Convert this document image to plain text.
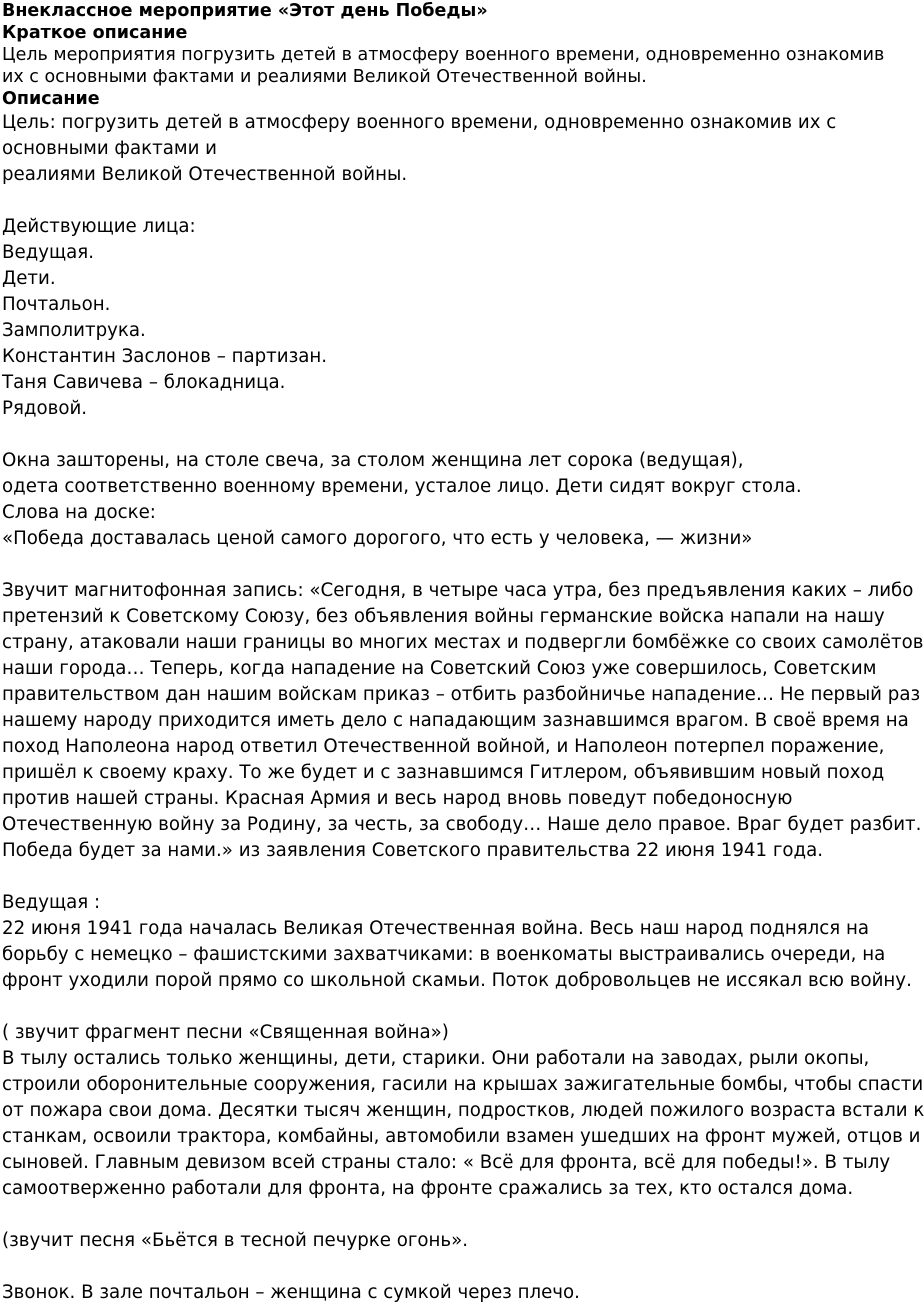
Внеклассное мероприятие «Этот день Победы»
Краткое описание
Цель мероприятия погрузить детей в атмосферу военного времени, одновременно ознакомив
их с основными фактами и реалиями Великой Отечественной войны.
Описание
Цель: погрузить детей в атмосферу военного времени, одновременно ознакомив их с
основными фактами и
реалиями Великой Отечественной войны.
Действующие лица:
Ведущая.
Дети.
Почтальон.
Замполитрука.
Константин Заслонов – партизан.
Таня Савичева – блокадница.
Рядовой.
Окна зашторены, на столе свеча, за столом женщина лет сорока (ведущая),
одета соответственно военному времени, усталое лицо. Дети сидят вокруг стола.
Слова на доске:
«Победа доставалась ценой самого дорогого, что есть у человека, — жизни»
Звучит магнитофонная запись: «Сегодня, в четыре часа утра, без предъявления каких – либо
претензий к Советскому Союзу, без объявления войны германские войска напали на нашу
страну, атаковали наши границы во многих местах и подвергли бомбёжке со своих самолётов
наши города… Теперь, когда нападение на Советский Союз уже совершилось, Советским
правительством дан нашим войскам приказ – отбить разбойничье нападение… Не первый раз
нашему народу приходится иметь дело с нападающим зазнавшимся врагом. В своё время на
поход Наполеона народ ответил Отечественной войной, и Наполеон потерпел поражение,
пришёл к своему краху. То же будет и с зазнавшимся Гитлером, объявившим новый поход
против нашей страны. Красная Армия и весь народ вновь поведут победоносную
Отечественную войну за Родину, за честь, за свободу… Наше дело правое. Враг будет разбит.
Победа будет за нами.» из заявления Советского правительства 22 июня 1941 года.
Ведущая :
22 июня 1941 года началась Великая Отечественная война. Весь наш народ поднялся на
борьбу с немецко – фашистскими захватчиками: в военкоматы выстраивались очереди, на
фронт уходили порой прямо со школьной скамьи. Поток добровольцев не иссякал всю войну.
( звучит фрагмент песни «Священная война»)
В тылу остались только женщины, дети, старики. Они работали на заводах, рыли окопы,
строили оборонительные сооружения, гасили на крышах зажигательные бомбы, чтобы спасти
от пожара свои дома. Десятки тысяч женщин, подростков, людей пожилого возраста встали к
станкам, освоили трактора, комбайны, автомобили взамен ушедших на фронт мужей, отцов и
сыновей. Главным девизом всей страны стало: « Всё для фронта, всё для победы!». В тылу
самоотверженно работали для фронта, на фронте сражались за тех, кто остался дома.
(звучит песня «Бьётся в тесной печурке огонь».
Звонок. В зале почтальон – женщина с сумкой через плечо.
